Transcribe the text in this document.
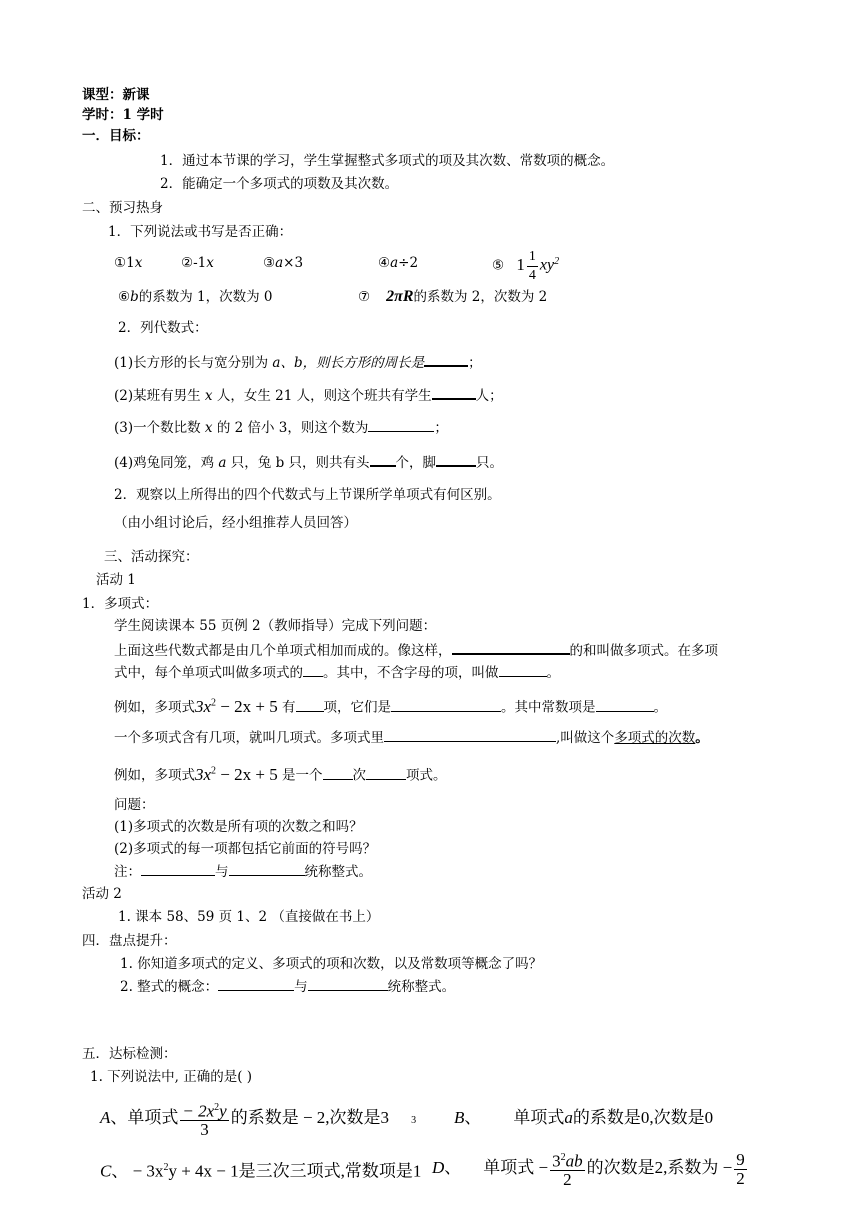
课型：新课
学时：1 学时
一．目标：
1．通过本节课的学习，学生掌握整式多项式的项及其次数、常数项的概念。
2．能确定一个多项式的项数及其次数。
二、预习热身
1．下列说法或书写是否正确：
①1x	②-1x	③a×3	④a÷2	⑤ $1 \frac{1}{4} xy^2$
⑥b的系数为 1，次数为 0	⑦ 2πR的系数为 2，次数为 2
2．列代数式：
(1)长方形的长与宽分别为 a、b，则长方形的周长是	；
(2)某班有男生 x 人，女生 21 人，则这个班共有学生	人；
(3)一个数比数 x 的 2 倍小 3，则这个数为	；
(4)鸡兔同笼，鸡 a 只，兔 b 只，则共有头 个，脚	只。
2．观察以上所得出的四个代数式与上节课所学单项式有何区别。
（由小组讨论后，经小组推荐人员回答）
三、活动探究：
活动 1
1．多项式：
学生阅读课本 55 页例 2（教师指导）完成下列问题：
上面这些代数式都是由几个单项式相加而成的。像这样，	的和叫做多项式。在多项
式中，每个单项式叫做多项式的 。其中，不含字母的项，叫做	。
例如，多项式$3x^2 - 2x + 5$ 有 项，它们是	。其中常数项是	。
一个多项式含有几项，就叫几项式。多项式里	,叫做这个多项式的次数。
例如，多项式$3x^2 - 2x + 5$ 是一个 次	项式。
问题：
(1)多项式的次数是所有项的次数之和吗？
(2)多项式的每一项都包括它前面的符号吗？
注：	与	统称整式。
活动 2
1. 课本 58、59 页 1、2 （直接做在书上）
四．盘点提升：
1. 你知道多项式的定义、多项式的项和次数，以及常数项等概念了吗？
2. 整式的概念：	与	统称整式。
五．达标检测：
1. 下列说法中, 正确的是( )
A、单项式 $\frac{- 2x^2y}{3}$ 的系数是 − 2,次数是3 3 B、 单项式a的系数是0,次数是0
C、 − $3x^2y + 4x - 1$是三次三项式,常数项是1 D、 单项式 − $\frac{3^2ab}{2}$ 的次数是2,系数为 − $\frac{9}{2}$
